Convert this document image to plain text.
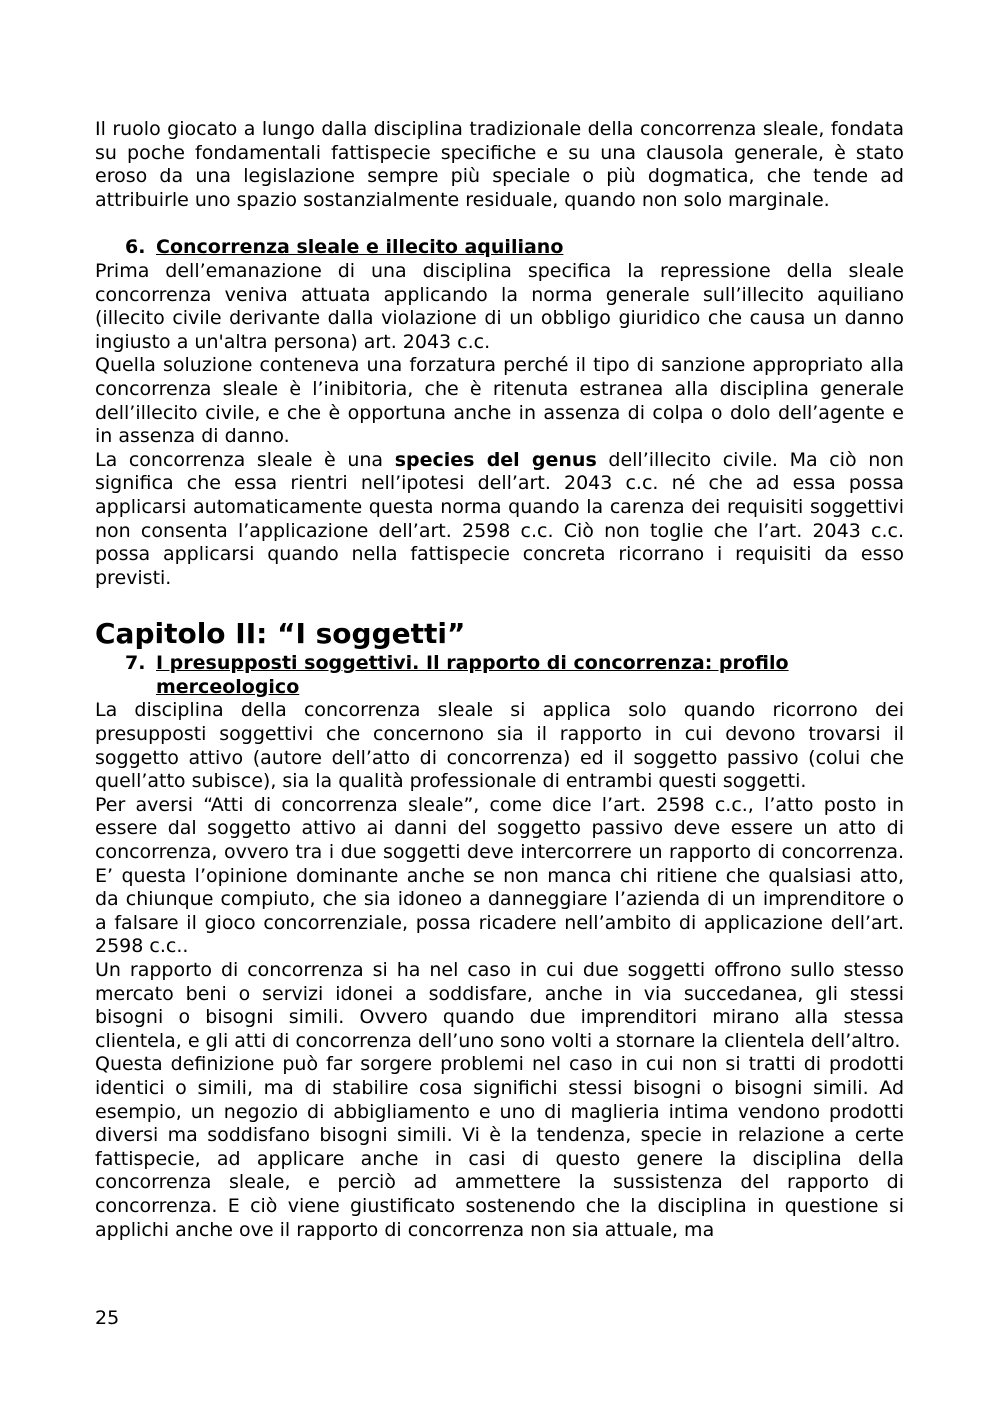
Il ruolo giocato a lungo dalla disciplina tradizionale della concorrenza sleale, fondata su poche fondamentali fattispecie specifiche e su una clausola generale, è stato eroso da una legislazione sempre più speciale o più dogmatica, che tende ad attribuirle uno spazio sostanzialmente residuale, quando non solo marginale.

6. Concorrenza sleale e illecito aquiliano

Prima dell’emanazione di una disciplina specifica la repressione della sleale concorrenza veniva attuata applicando la norma generale sull’illecito aquiliano (illecito civile derivante dalla violazione di un obbligo giuridico che causa un danno ingiusto a un'altra persona) art. 2043 c.c.

Quella soluzione conteneva una forzatura perché il tipo di sanzione appropriato alla concorrenza sleale è l’inibitoria, che è ritenuta estranea alla disciplina generale dell’illecito civile, e che è opportuna anche in assenza di colpa o dolo dell’agente e in assenza di danno.

La concorrenza sleale è una species del genus dell’illecito civile. Ma ciò non significa che essa rientri nell’ipotesi dell’art. 2043 c.c. né che ad essa possa applicarsi automaticamente questa norma quando la carenza dei requisiti soggettivi non consenta l’applicazione dell’art. 2598 c.c. Ciò non toglie che l’art. 2043 c.c. possa applicarsi quando nella fattispecie concreta ricorrano i requisiti da esso previsti.

Capitolo II: “I soggetti”
7. I presupposti soggettivi. Il rapporto di concorrenza: profilo merceologico

La disciplina della concorrenza sleale si applica solo quando ricorrono dei presupposti soggettivi che concernono sia il rapporto in cui devono trovarsi il soggetto attivo (autore dell’atto di concorrenza) ed il soggetto passivo (colui che quell’atto subisce), sia la qualità professionale di entrambi questi soggetti.

Per aversi “Atti di concorrenza sleale”, come dice l’art. 2598 c.c., l’atto posto in essere dal soggetto attivo ai danni del soggetto passivo deve essere un atto di concorrenza, ovvero tra i due soggetti deve intercorrere un rapporto di concorrenza. E’ questa l’opinione dominante anche se non manca chi ritiene che qualsiasi atto, da chiunque compiuto, che sia idoneo a danneggiare l’azienda di un imprenditore o a falsare il gioco concorrenziale, possa ricadere nell’ambito di applicazione dell’art. 2598 c.c..

Un rapporto di concorrenza si ha nel caso in cui due soggetti offrono sullo stesso mercato beni o servizi idonei a soddisfare, anche in via succedanea, gli stessi bisogni o bisogni simili. Ovvero quando due imprenditori mirano alla stessa clientela, e gli atti di concorrenza dell’uno sono volti a stornare la clientela dell’altro.

Questa definizione può far sorgere problemi nel caso in cui non si tratti di prodotti identici o simili, ma di stabilire cosa significhi stessi bisogni o bisogni simili. Ad esempio, un negozio di abbigliamento e uno di maglieria intima vendono prodotti diversi ma soddisfano bisogni simili. Vi è la tendenza, specie in relazione a certe fattispecie, ad applicare anche in casi di questo genere la disciplina della concorrenza sleale, e perciò ad ammettere la sussistenza del rapporto di concorrenza. E ciò viene giustificato sostenendo che la disciplina in questione si applichi anche ove il rapporto di concorrenza non sia attuale, ma

25
